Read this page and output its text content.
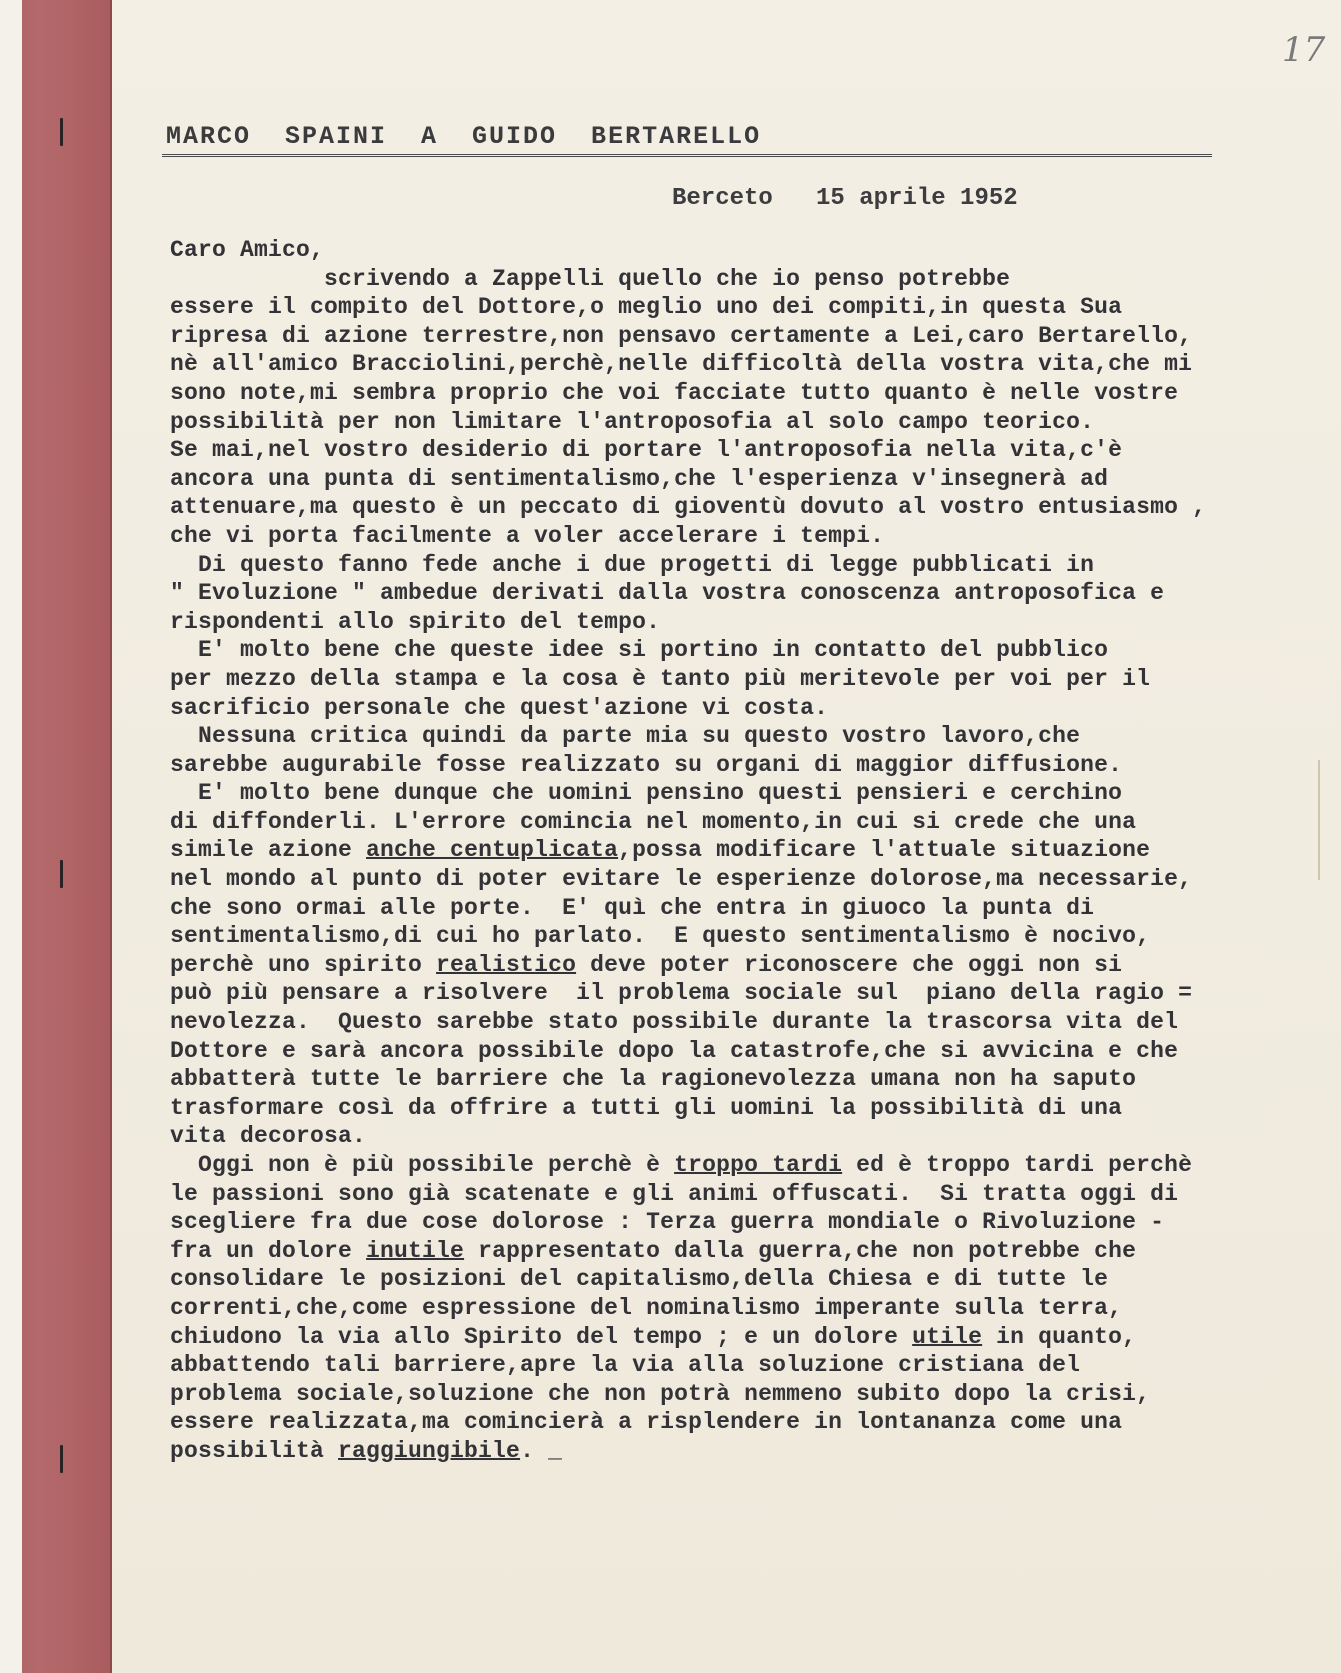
17
MARCO  SPAINI  A  GUIDO  BERTARELLO
Berceto   15 aprile 1952
Caro Amico,
scrivendo a Zappelli quello che io penso potrebbe
essere il compito del Dottore,o meglio uno dei compiti,in questa Sua
ripresa di azione terrestre,non pensavo certamente a Lei,caro Bertarello,
nè all'amico Bracciolini,perchè,nelle difficoltà della vostra vita,che mi
sono note,mi sembra proprio che voi facciate tutto quanto è nelle vostre
possibilità per non limitare l'antroposofia al solo campo teorico.
Se mai,nel vostro desiderio di portare l'antroposofia nella vita,c'è
ancora una punta di sentimentalismo,che l'esperienza v'insegnerà ad
attenuare,ma questo è un peccato di gioventù dovuto al vostro entusiasmo ,
che vi porta facilmente a voler accelerare i tempi.
Di questo fanno fede anche i due progetti di legge pubblicati in
" Evoluzione " ambedue derivati dalla vostra conoscenza antroposofica e
rispondenti allo spirito del tempo.
E' molto bene che queste idee si portino in contatto del pubblico
per mezzo della stampa e la cosa è tanto più meritevole per voi per il
sacrificio personale che quest'azione vi costa.
Nessuna critica quindi da parte mia su questo vostro lavoro,che
sarebbe augurabile fosse realizzato su organi di maggior diffusione.
E' molto bene dunque che uomini pensino questi pensieri e cerchino
di diffonderli. L'errore comincia nel momento,in cui si crede che una
simile azione anche centuplicata,possa modificare l'attuale situazione
nel mondo al punto di poter evitare le esperienze dolorose,ma necessarie,
che sono ormai alle porte.  E' quì che entra in giuoco la punta di
sentimentalismo,di cui ho parlato.  E questo sentimentalismo è nocivo,
perchè uno spirito realistico deve poter riconoscere che oggi non si
può più pensare a risolvere  il problema sociale sul  piano della ragio =
nevolezza.  Questo sarebbe stato possibile durante la trascorsa vita del
Dottore e sarà ancora possibile dopo la catastrofe,che si avvicina e che
abbatterà tutte le barriere che la ragionevolezza umana non ha saputo
trasformare così da offrire a tutti gli uomini la possibilità di una
vita decorosa.
Oggi non è più possibile perchè è troppo tardi ed è troppo tardi perchè
le passioni sono già scatenate e gli animi offuscati.  Si tratta oggi di
scegliere fra due cose dolorose : Terza guerra mondiale o Rivoluzione -
fra un dolore inutile rappresentato dalla guerra,che non potrebbe che
consolidare le posizioni del capitalismo,della Chiesa e di tutte le
correnti,che,come espressione del nominalismo imperante sulla terra,
chiudono la via allo Spirito del tempo ; e un dolore utile in quanto,
abbattendo tali barriere,apre la via alla soluzione cristiana del
problema sociale,soluzione che non potrà nemmeno subito dopo la crisi,
essere realizzata,ma comincierà a risplendere in lontananza come una
possibilità raggiungibile. _
